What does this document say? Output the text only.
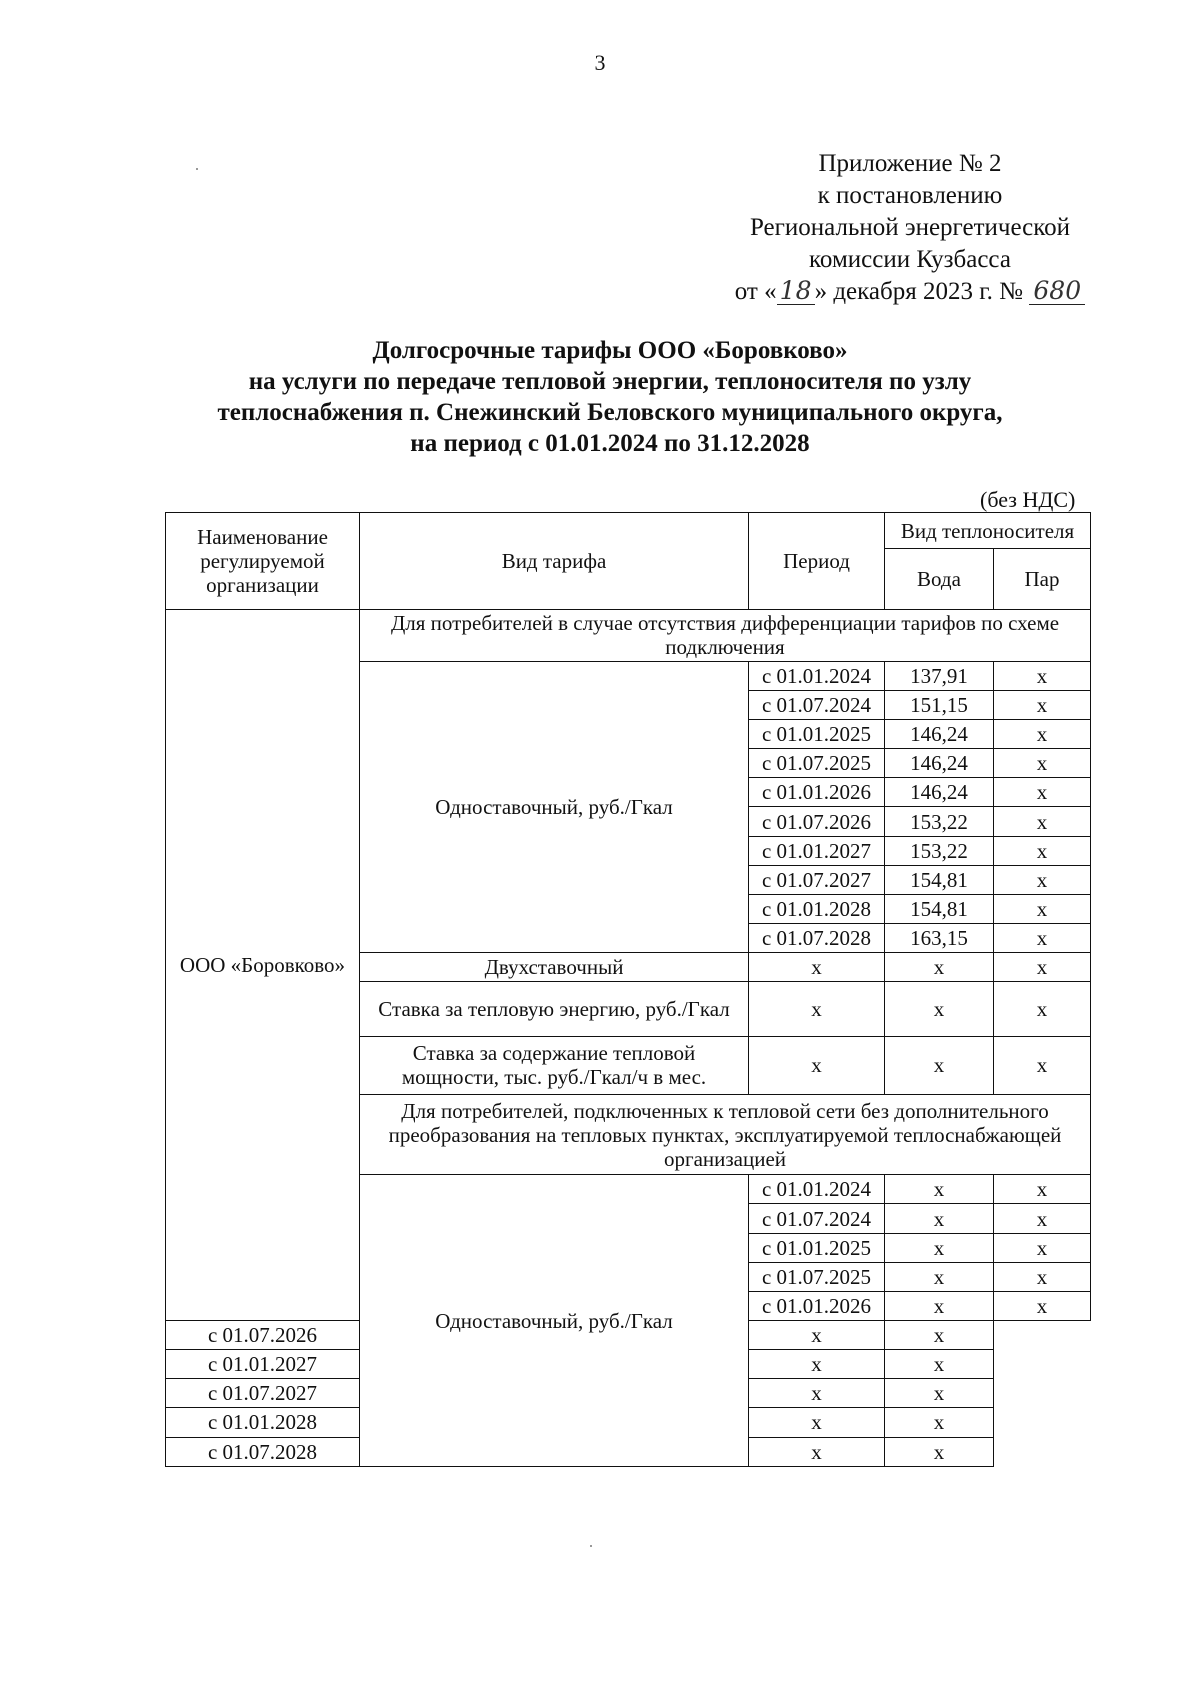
3
Приложение № 2
к постановлению
Региональной энергетической
комиссии Кузбасса
от « 18 » декабря 2023 г. № 680
Долгосрочные тарифы ООО «Боровково»
на услуги по передаче тепловой энергии, теплоносителя по узлу
теплоснабжения п. Снежинский Беловского муниципального округа,
на период с 01.01.2024 по 31.12.2028
(без НДС)
Наименование регулируемой организации	Вид тарифа	Период	Вид теплоносителя	
			Вода	Пар
ООО «Боровково»	Для потребителей в случае отсутствия дифференциации тарифов по схеме подключения			
	Одноставочный, руб./Гкал	с 01.01.2024	137,91	х
		с 01.07.2024	151,15	х
		с 01.01.2025	146,24	х
		с 01.07.2025	146,24	х
		с 01.01.2026	146,24	х
		с 01.07.2026	153,22	х
		с 01.01.2027	153,22	х
		с 01.07.2027	154,81	х
		с 01.01.2028	154,81	х
		с 01.07.2028	163,15	х
	Двухставочный	х	х	х
	Ставка за тепловую энергию, руб./Гкал	х	х	х
	Ставка за содержание тепловой мощности, тыс. руб./Гкал/ч в мес.	х	х	х
	Для потребителей, подключенных к тепловой сети без дополнительного преобразования на тепловых пунктах, эксплуатируемой теплоснабжающей организацией			
	Одноставочный, руб./Гкал	с 01.01.2024	х	х
		с 01.07.2024	х	х
		с 01.01.2025	х	х
		с 01.07.2025	х	х
		с 01.01.2026	х	х
с 01.07.2026		х	х	
с 01.01.2027		х	х	
с 01.07.2027		х	х	
с 01.01.2028		х	х	
с 01.07.2028		х	х	
